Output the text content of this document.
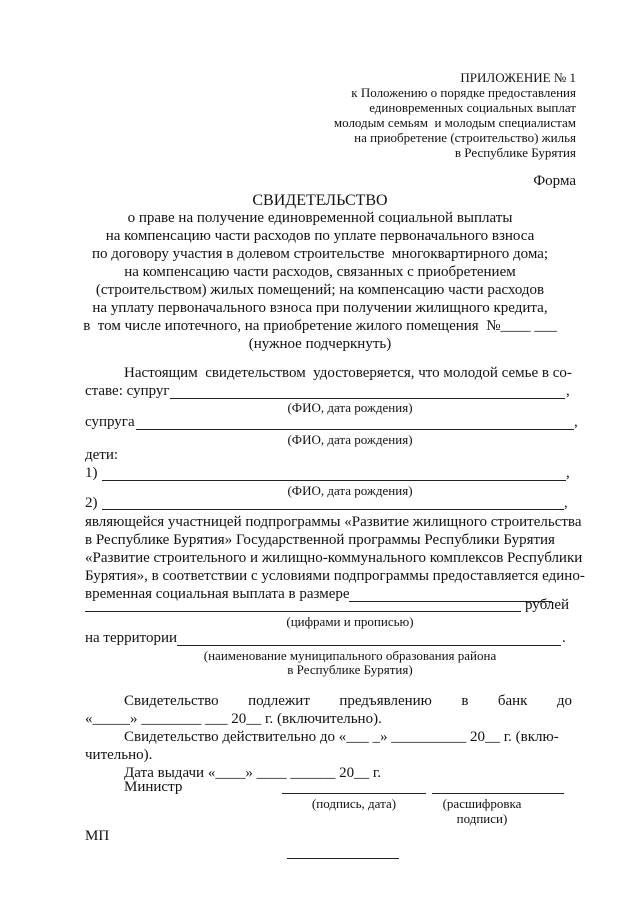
ПРИЛОЖЕНИЕ № 1
к Положению о порядке предоставления
единовременных социальных выплат
молодым семьям  и молодым специалистам
на приобретение (строительство) жилья
в Республике Бурятия
Форма
СВИДЕТЕЛЬСТВО
о праве на получение единовременной социальной выплаты
на компенсацию части расходов по уплате первоначального взноса
по договору участия в долевом строительстве  многоквартирного дома;
на компенсацию части расходов, связанных с приобретением
(строительством) жилых помещений; на компенсацию части расходов
на уплату первоначального взноса при получении жилищного кредита,
в  том числе ипотечного, на приобретение жилого помещения  №____ ___
(нужное подчеркнуть)
Настоящим  свидетельством  удостоверяется, что молодой семье в со-
ставе: супруг	,
(ФИО, дата рождения)
супруга	,
(ФИО, дата рождения)
дети:
1)	,
(ФИО, дата рождения)
2)	,
являющейся участницей подпрограммы «Развитие жилищного строительства
в Республике Бурятия» Государственной программы Республики Бурятия
«Развитие строительного и жилищно-коммунального комплексов Республики
Бурятия», в соответствии с условиями подпрограммы предоставляется едино-
временная социальная выплата в размере
рублей
(цифрами и прописью)
на территории	.
(наименование муниципального образования района
в Республике Бурятия)
Свидетельство подлежит предъявлению в банк до
«_____» ________ ___ 20__ г. (включительно).
Свидетельство действительно до «___ _» __________ 20__ г. (вклю-
чительно).
Дата выдачи «____» ____ ______ 20__ г.
Министр
(подпись, дата)	(расшифровка
подписи)
МП
